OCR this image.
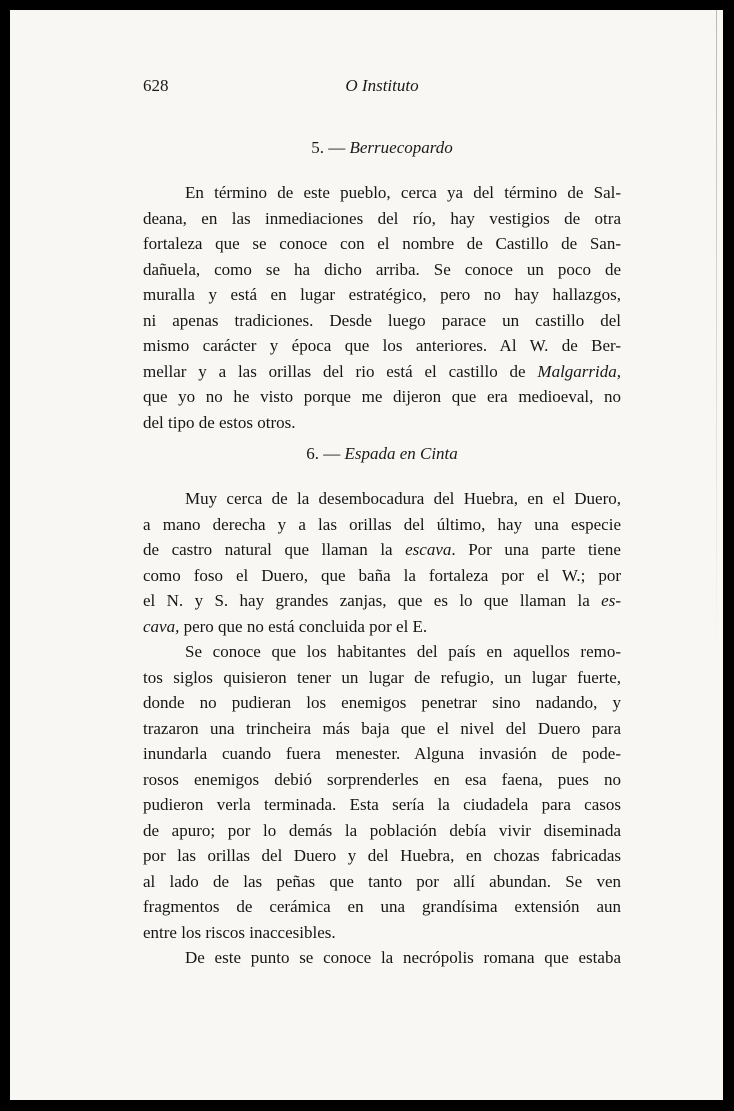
628	O Instituto
5. — Berruecopardo
En término de este pueblo, cerca ya del término de Sal-
deana, en las inmediaciones del río, hay vestigios de otra
fortaleza que se conoce con el nombre de Castillo de San-
dañuela, como se ha dicho arriba. Se conoce un poco de
muralla y está en lugar estratégico, pero no hay hallazgos,
ni apenas tradiciones. Desde luego parace un castillo del
mismo carácter y época que los anteriores. Al W. de Ber-
mellar y a las orillas del rio está el castillo de Malgarrida,
que yo no he visto porque me dijeron que era medioeval, no
del tipo de estos otros.
6. — Espada en Cinta
Muy cerca de la desembocadura del Huebra, en el Duero,
a mano derecha y a las orillas del último, hay una especie
de castro natural que llaman la escava. Por una parte tiene
como foso el Duero, que baña la fortaleza por el W.; por
el N. y S. hay grandes zanjas, que es lo que llaman la es-
cava, pero que no está concluida por el E.
Se conoce que los habitantes del país en aquellos remo-
tos siglos quisieron tener un lugar de refugio, un lugar fuerte,
donde no pudieran los enemigos penetrar sino nadando, y
trazaron una trincheira más baja que el nivel del Duero para
inundarla cuando fuera menester. Alguna invasión de pode-
rosos enemigos debió sorprenderles en esa faena, pues no
pudieron verla terminada. Esta sería la ciudadela para casos
de apuro; por lo demás la población debía vivir diseminada
por las orillas del Duero y del Huebra, en chozas fabricadas
al lado de las peñas que tanto por allí abundan. Se ven
fragmentos de cerámica en una grandísima extensión aun
entre los riscos inaccesibles.
De este punto se conoce la necrópolis romana que estaba
